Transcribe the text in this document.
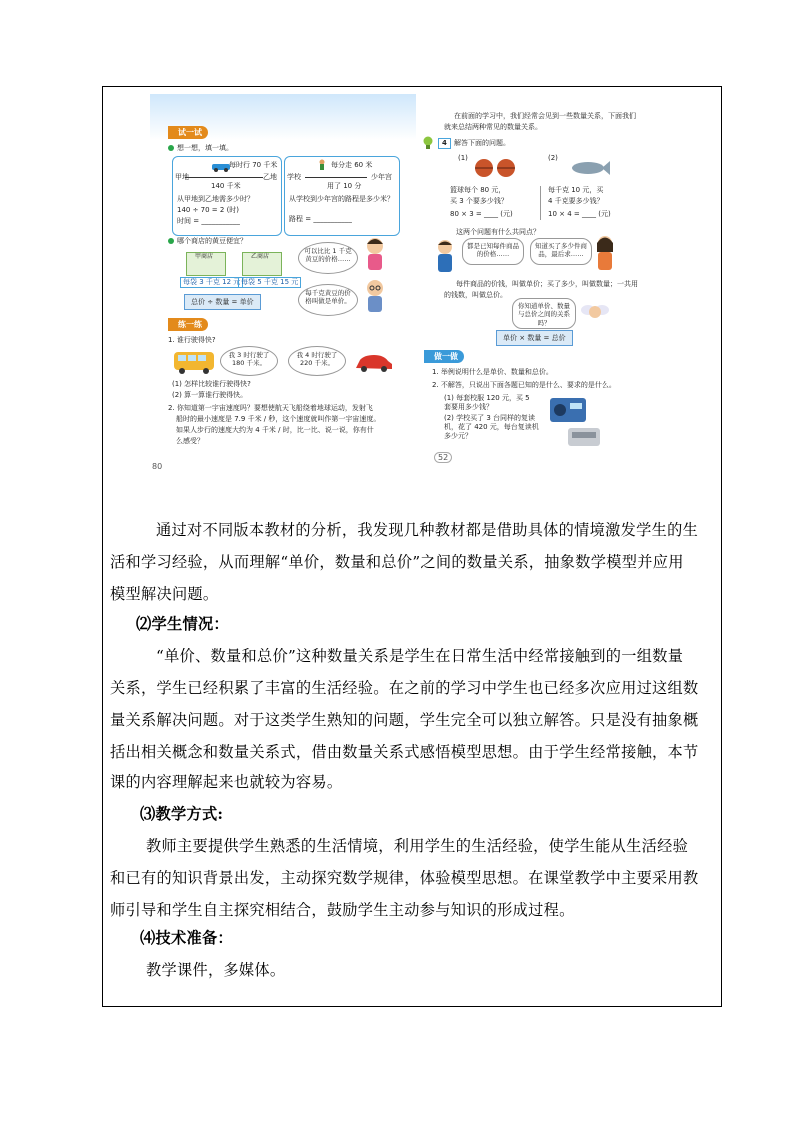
试一试
想一想，填一填。
每时行 70 千米
甲地	乙地
140 千米
从甲地到乙地需多少时？
140 ÷ 70 = 2 (时)
时间 = ___________
每分走 60 米
学校	少年宫
用了 10 分
从学校到少年宫的路程是多少米？
路程 = ___________
哪个商店的黄豆便宜？
甲商店	乙商店
每袋 3 千克 12 元 每袋 5 千克 15 元
可以比比 1 千克黄豆的价格……
每千克黄豆的价格叫做是单价。
总价 ÷ 数量 = 单价
练一练
1. 谁行驶得快?
我 3 时行驶了 180 千米。
我 4 时行驶了 220 千米。
(1) 怎样比较谁行驶得快?
(2) 算一算谁行驶得快。
2. 你知道第一宇宙速度吗？要想使航天飞船绕着地球运动，发射飞
船时的最小速度是 7.9 千米 / 秒，这个速度就叫作第一宇宙速度。
如果人步行的速度大约为 4 千米 / 时，比一比、说一说，你有什
么感受？
80
在前面的学习中，我们经常会见到一些数量关系，下面我们
就来总结两种常见的数量关系。
4	解答下面的问题。
(1)	(2)
篮球每个 80 元，
买 3 个要多少钱？
80 × 3 = ____ (元)
每千克 10 元，买
4 千克要多少钱？
10 × 4 = ____ (元)
这两个问题有什么共同点？
都是已知每件商品的价格……
知道买了多少件商品，最后求……
每件商品的价钱，叫做单价；买了多少，叫做数量；一共用
的钱数，叫做总价。
你知道单价、数量与总价之间的关系吗？
单价 × 数量 = 总价
做一做
1. 举例说明什么是单价、数量和总价。
2. 不解答，只说出下面各题已知的是什么、要求的是什么。
(1) 每套校服 120 元，买 5 套要用多少钱？
(2) 学校买了 3 台同样的复读机，花了 420 元，每台复读机多少元？
52
通过对不同版本教材的分析，我发现几种教材都是借助具体的情境激发学生的生
活和学习经验，从而理解“单价，数量和总价”之间的数量关系，抽象数学模型并应用
模型解决问题。
⑵学生情况：
“单价、数量和总价”这种数量关系是学生在日常生活中经常接触到的一组数量
关系，学生已经积累了丰富的生活经验。在之前的学习中学生也已经多次应用过这组数
量关系解决问题。对于这类学生熟知的问题，学生完全可以独立解答。只是没有抽象概
括出相关概念和数量关系式，借由数量关系式感悟模型思想。由于学生经常接触，本节
课的内容理解起来也就较为容易。
⑶教学方式:
教师主要提供学生熟悉的生活情境，利用学生的生活经验，使学生能从生活经验
和已有的知识背景出发，主动探究数学规律，体验模型思想。在课堂教学中主要采用教
师引导和学生自主探究相结合，鼓励学生主动参与知识的形成过程。
⑷技术准备：
教学课件，多媒体。
